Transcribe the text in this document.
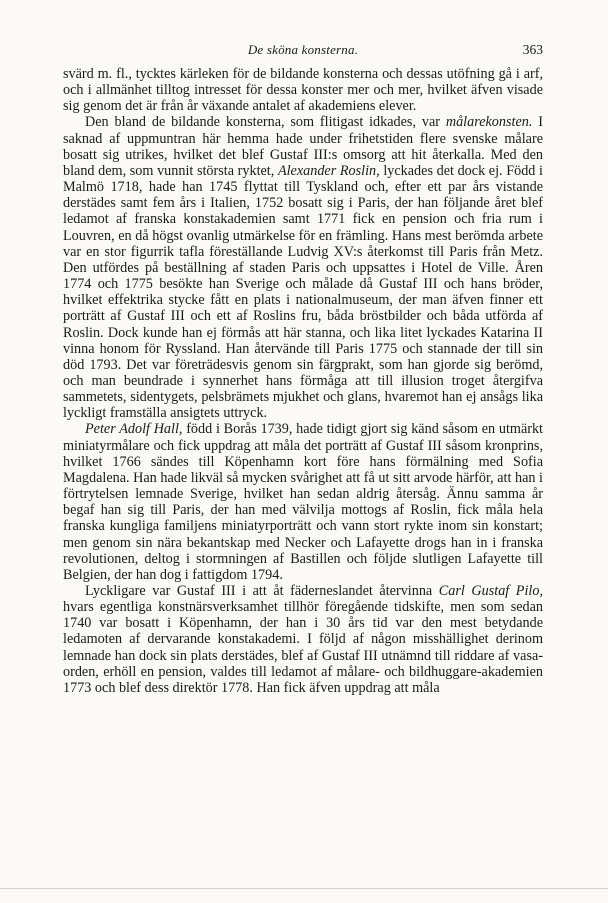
De sköna konsterna.	363

svärd m. fl., tycktes kärleken för de bildande konsterna och dessas utöfning gå i arf, och i allmänhet tilltog intresset för dessa konster mer och mer, hvilket äfven visade sig genom det är från år växande antalet af akademiens elever.

Den bland de bildande konsterna, som flitigast idkades, var målarekonsten. I saknad af uppmuntran här hemma hade under frihetstiden flere svenske målare bosatt sig utrikes, hvilket det blef Gustaf III:s omsorg att hit återkalla. Med den bland dem, som vunnit största ryktet, Alexander Roslin, lyckades det dock ej. Född i Malmö 1718, hade han 1745 flyttat till Tyskland och, efter ett par års vistande derstädes samt fem års i Italien, 1752 bosatt sig i Paris, der han följande året blef ledamot af franska konstakademien samt 1771 fick en pension och fria rum i Louvren, en då högst ovanlig utmärkelse för en främling. Hans mest berömda arbete var en stor figurrik tafla föreställande Ludvig XV:s återkomst till Paris från Metz. Den utfördes på beställning af staden Paris och uppsattes i Hotel de Ville. Åren 1774 och 1775 besökte han Sverige och målade då Gustaf III och hans bröder, hvilket effektrika stycke fått en plats i nationalmuseum, der man äfven finner ett porträtt af Gustaf III och ett af Roslins fru, båda bröstbilder och båda utförda af Roslin. Dock kunde han ej förmås att här stanna, och lika litet lyckades Katarina II vinna honom för Ryssland. Han återvände till Paris 1775 och stannade der till sin död 1793. Det var företrädesvis genom sin färgprakt, som han gjorde sig berömd, och man beundrade i synnerhet hans förmåga att till illusion troget återgifva sammetets, sidentygets, pelsbrämets mjukhet och glans, hvaremot han ej ansågs lika lyckligt framställa ansigtets uttryck.

Peter Adolf Hall, född i Borås 1739, hade tidigt gjort sig känd såsom en utmärkt miniatyrmålare och fick uppdrag att måla det porträtt af Gustaf III såsom kronprins, hvilket 1766 sändes till Köpenhamn kort före hans förmälning med Sofia Magdalena. Han hade likväl så mycken svårighet att få ut sitt arvode härför, att han i förtrytelsen lemnade Sverige, hvilket han sedan aldrig återsåg. Ännu samma år begaf han sig till Paris, der han med välvilja mottogs af Roslin, fick måla hela franska kungliga familjens miniatyrporträtt och vann stort rykte inom sin konstart; men genom sin nära bekantskap med Necker och Lafayette drogs han in i franska revolutionen, deltog i stormningen af Bastillen och följde slutligen Lafayette till Belgien, der han dog i fattigdom 1794.

Lyckligare var Gustaf III i att åt fäderneslandet återvinna Carl Gustaf Pilo, hvars egentliga konstnärsverksamhet tillhör föregående tidskifte, men som sedan 1740 var bosatt i Köpenhamn, der han i 30 års tid var den mest betydande ledamoten af dervarande konstakademi. I följd af någon misshällighet derinom lemnade han dock sin plats derstädes, blef af Gustaf III utnämnd till riddare af vasa-orden, erhöll en pension, valdes till ledamot af målare- och bildhuggare-akademien 1773 och blef dess direktör 1778. Han fick äfven uppdrag att måla
